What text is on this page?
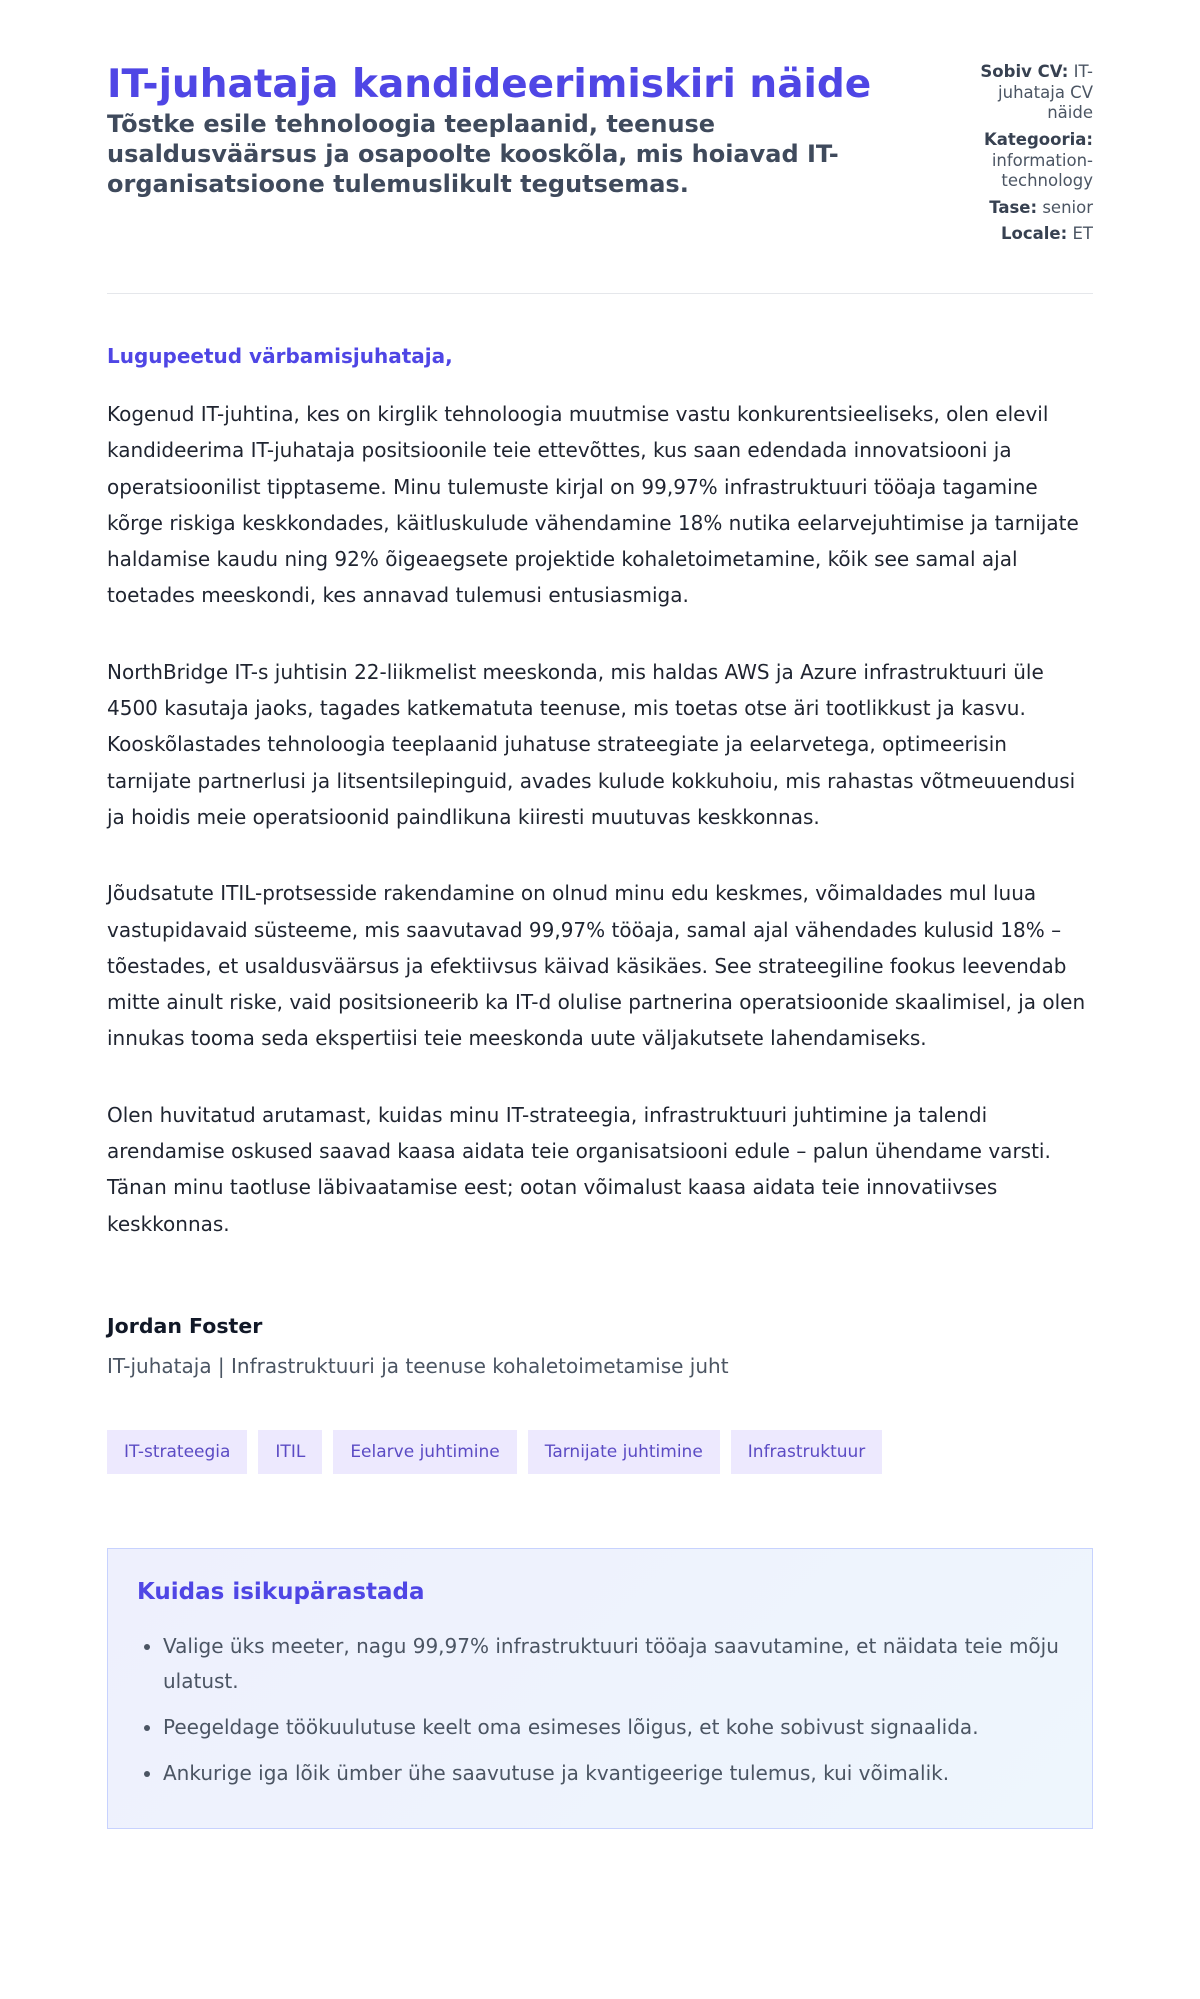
IT-juhataja kandideerimiskiri näide

Tõstke esile tehnoloogia teeplaanid, teenuse usaldusväärsus ja osapoolte kooskõla, mis hoiavad IT-organisatsioone tulemuslikult tegutsemas.

Sobiv CV: IT-juhataja CV näide
Kategooria: information-technology
Tase: senior
Locale: ET
Lugupeetud värbamisjuhataja,

Kogenud IT-juhtina, kes on kirglik tehnoloogia muutmise vastu konkurentsieeliseks, olen elevil kandideerima IT-juhataja positsioonile teie ettevõttes, kus saan edendada innovatsiooni ja operatsioonilist tipptaseme. Minu tulemuste kirjal on 99,97% infrastruktuuri tööaja tagamine kõrge riskiga keskkondades, käitluskulude vähendamine 18% nutika eelarvejuhtimise ja tarnijate haldamise kaudu ning 92% õigeaegsete projektide kohaletoimetamine, kõik see samal ajal toetades meeskondi, kes annavad tulemusi entusiasmiga.

NorthBridge IT-s juhtisin 22-liikmelist meeskonda, mis haldas AWS ja Azure infrastruktuuri üle 4500 kasutaja jaoks, tagades katkematuta teenuse, mis toetas otse äri tootlikkust ja kasvu. Kooskõlastades tehnoloogia teeplaanid juhatuse strateegiate ja eelarvetega, optimeerisin tarnijate partnerlusi ja litsentsilepinguid, avades kulude kokkuhoiu, mis rahastas võtmeuuendusi ja hoidis meie operatsioonid paindlikuna kiiresti muutuvas keskkonnas.

Jõudsatute ITIL-protsesside rakendamine on olnud minu edu keskmes, võimaldades mul luua vastupidavaid süsteeme, mis saavutavad 99,97% tööaja, samal ajal vähendades kulusid 18% – tõestades, et usaldusväärsus ja efektiivsus käivad käsikäes. See strateegiline fookus leevendab mitte ainult riske, vaid positsioneerib ka IT-d olulise partnerina operatsioonide skaalimisel, ja olen innukas tooma seda ekspertiisi teie meeskonda uute väljakutsete lahendamiseks.

Olen huvitatud arutamast, kuidas minu IT-strateegia, infrastruktuuri juhtimine ja talendi arendamise oskused saavad kaasa aidata teie organisatsiooni edule – palun ühendame varsti. Tänan minu taotluse läbivaatamise eest; ootan võimalust kaasa aidata teie innovatiivses keskkonnas.

Jordan Foster
IT-juhataja | Infrastruktuuri ja teenuse kohaletoimetamise juht
IT-strateegia	ITIL	Eelarve juhtimine	Tarnijate juhtimine	Infrastruktuur
Kuidas isikupärastada
• Valige üks meeter, nagu 99,97% infrastruktuuri tööaja saavutamine, et näidata teie mõju ulatust.
• Peegeldage töökuulutuse keelt oma esimeses lõigus, et kohe sobivust signaalida.
• Ankurige iga lõik ümber ühe saavutuse ja kvantigeerige tulemus, kui võimalik.
